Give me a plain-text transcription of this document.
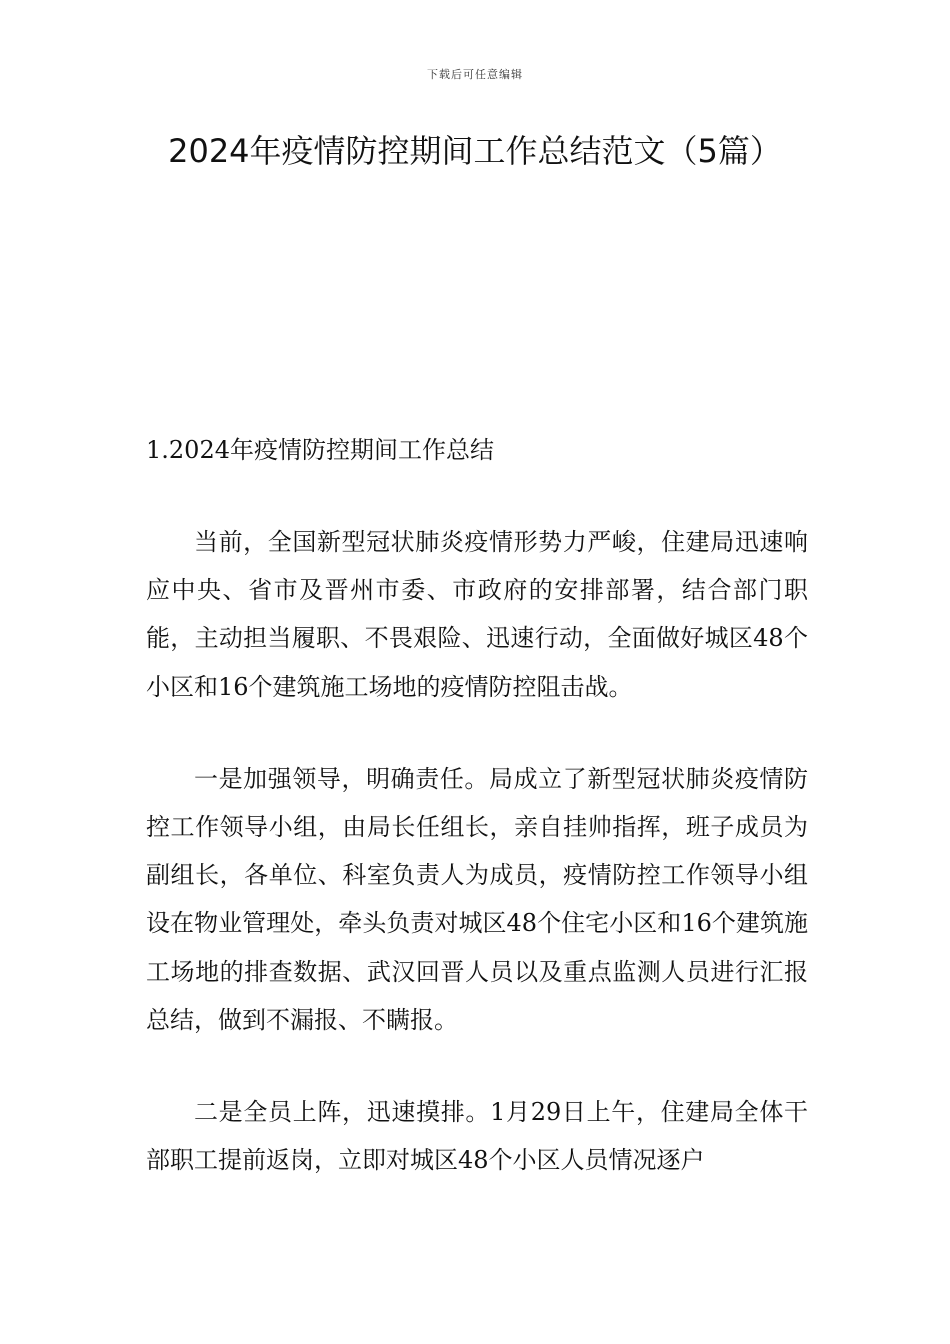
下载后可任意编辑
2024年疫情防控期间工作总结范文（5篇）
1.2024年疫情防控期间工作总结

当前，全国新型冠状肺炎疫情形势力严峻，住建局迅速响应中央、省市及晋州市委、市政府的安排部署，结合部门职能，主动担当履职、不畏艰险、迅速行动，全面做好城区48个小区和16个建筑施工场地的疫情防控阻击战。

一是加强领导，明确责任。局成立了新型冠状肺炎疫情防控工作领导小组，由局长任组长，亲自挂帅指挥，班子成员为副组长，各单位、科室负责人为成员，疫情防控工作领导小组设在物业管理处，牵头负责对城区48个住宅小区和16个建筑施工场地的排查数据、武汉回晋人员以及重点监测人员进行汇报总结，做到不漏报、不瞒报。

二是全员上阵，迅速摸排。1月29日上午，住建局全体干部职工提前返岗，立即对城区48个小区人员情况逐户
